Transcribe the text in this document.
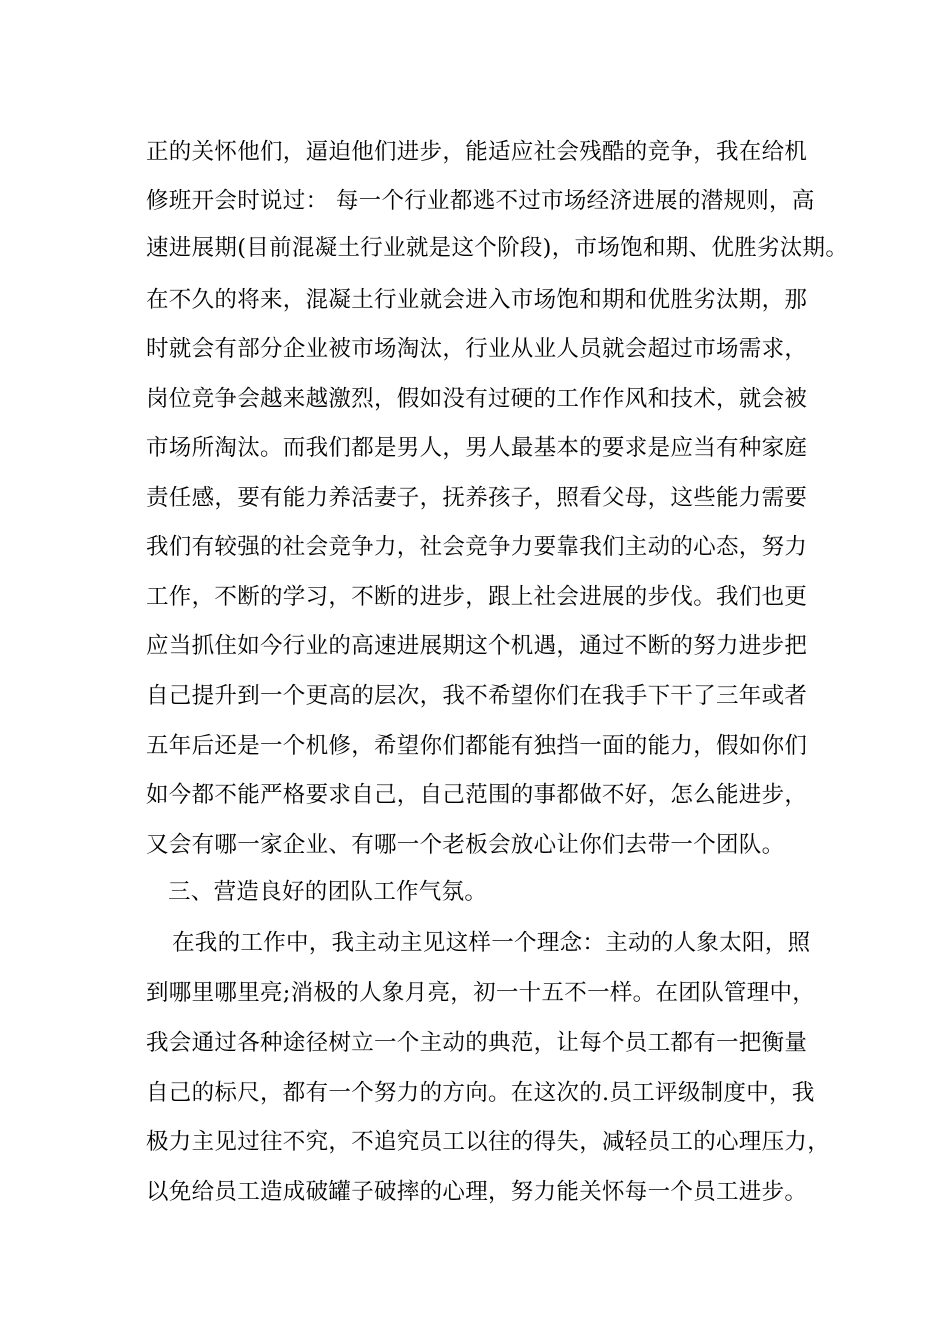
正的关怀他们，逼迫他们进步，能适应社会残酷的竞争，我在给机
修班开会时说过： 每一个行业都逃不过市场经济进展的潜规则，高
速进展期(目前混凝土行业就是这个阶段)，市场饱和期、优胜劣汰期。
在不久的将来，混凝土行业就会进入市场饱和期和优胜劣汰期，那
时就会有部分企业被市场淘汰，行业从业人员就会超过市场需求，
岗位竞争会越来越激烈，假如没有过硬的工作作风和技术，就会被
市场所淘汰。而我们都是男人，男人最基本的要求是应当有种家庭
责任感，要有能力养活妻子，抚养孩子，照看父母，这些能力需要
我们有较强的社会竞争力，社会竞争力要靠我们主动的心态，努力
工作，不断的学习，不断的进步，跟上社会进展的步伐。我们也更
应当抓住如今行业的高速进展期这个机遇，通过不断的努力进步把
自己提升到一个更高的层次，我不希望你们在我手下干了三年或者
五年后还是一个机修，希望你们都能有独挡一面的能力，假如你们
如今都不能严格要求自己，自己范围的事都做不好，怎么能进步，
又会有哪一家企业、有哪一个老板会放心让你们去带一个团队。
三、营造良好的团队工作气氛。
在我的工作中，我主动主见这样一个理念：主动的人象太阳，照
到哪里哪里亮;消极的人象月亮，初一十五不一样。在团队管理中，
我会通过各种途径树立一个主动的典范，让每个员工都有一把衡量
自己的标尺，都有一个努力的方向。在这次的.员工评级制度中，我
极力主见过往不究，不追究员工以往的得失，减轻员工的心理压力，
以免给员工造成破罐子破摔的心理，努力能关怀每一个员工进步。
